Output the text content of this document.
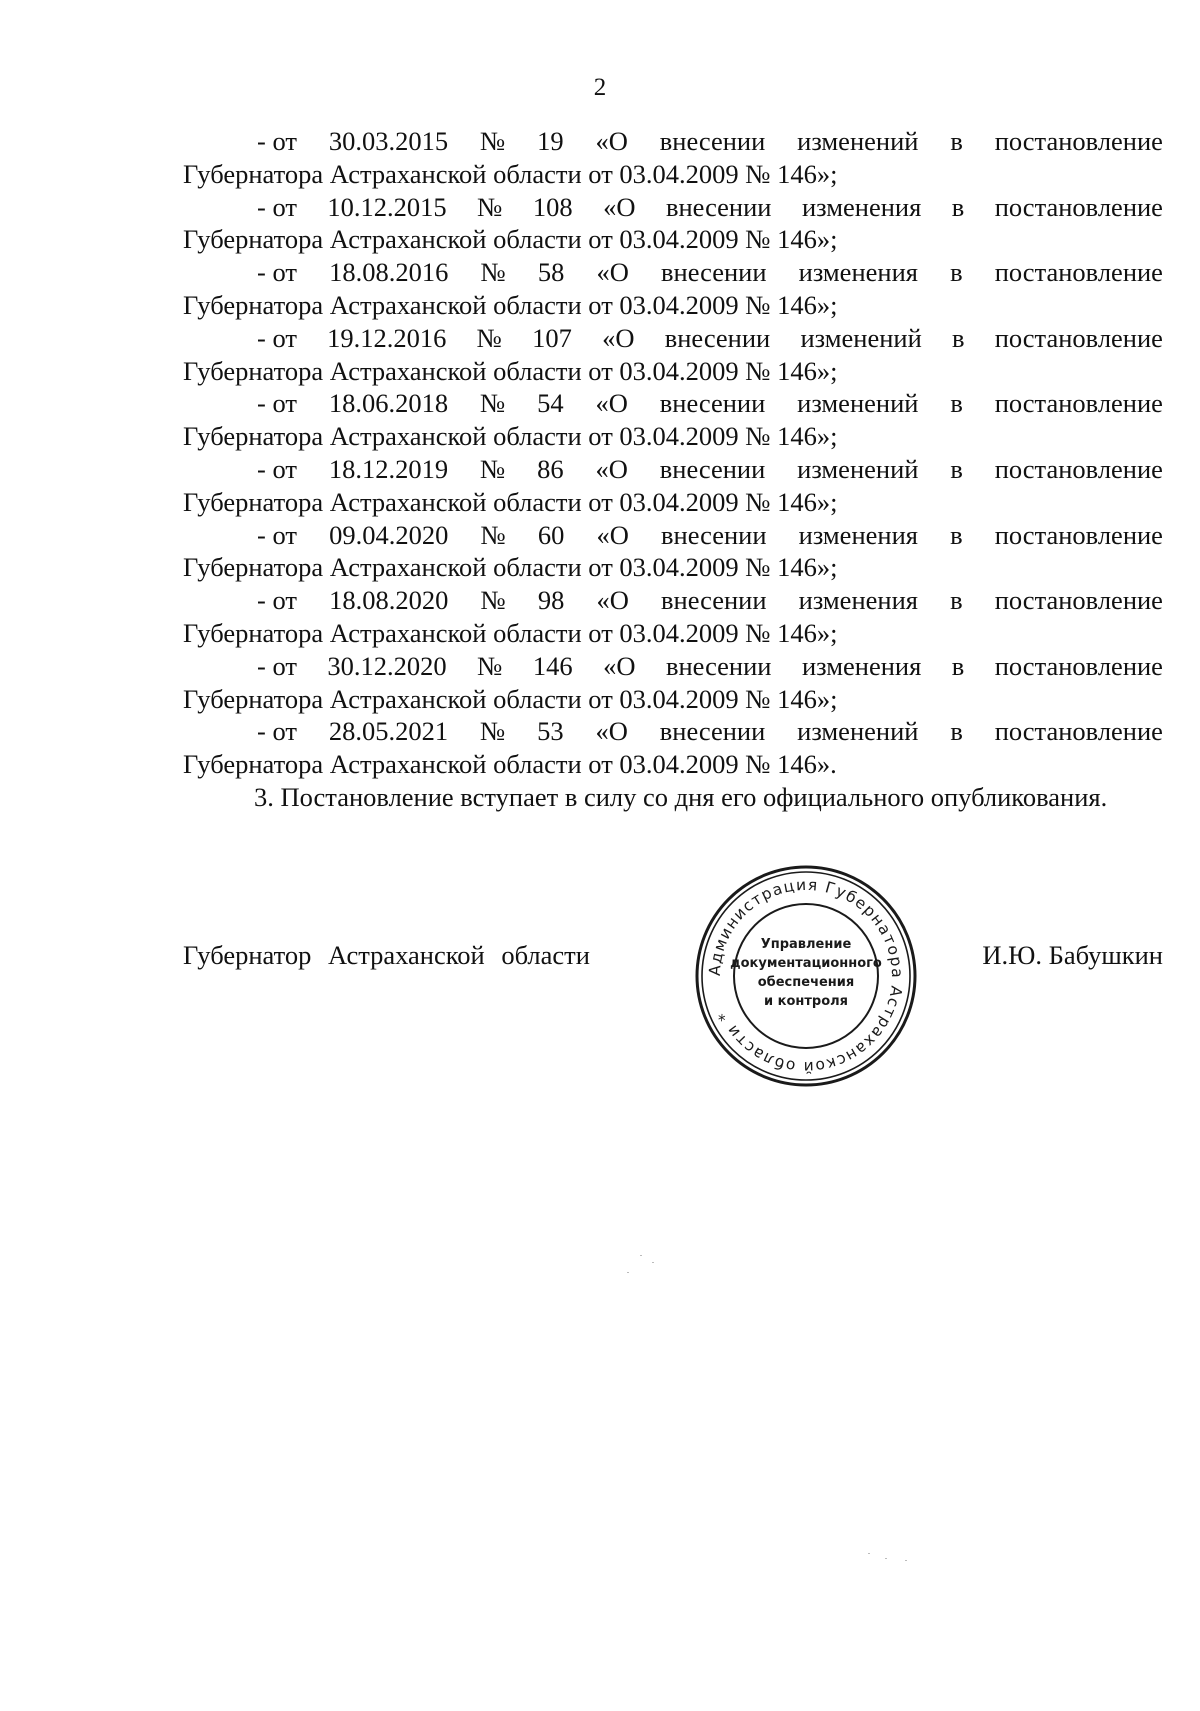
2
- от 30.03.2015 № 19 «О внесении изменений в постановление
Губернатора Астраханской области от 03.04.2009 № 146»;
- от 10.12.2015 № 108 «О внесении изменения в постановление
Губернатора Астраханской области от 03.04.2009 № 146»;
- от 18.08.2016 № 58 «О внесении изменения в постановление
Губернатора Астраханской области от 03.04.2009 № 146»;
- от 19.12.2016 № 107 «О внесении изменений в постановление
Губернатора Астраханской области от 03.04.2009 № 146»;
- от 18.06.2018 № 54 «О внесении изменений в постановление
Губернатора Астраханской области от 03.04.2009 № 146»;
- от 18.12.2019 № 86 «О внесении изменений в постановление
Губернатора Астраханской области от 03.04.2009 № 146»;
- от 09.04.2020 № 60 «О внесении изменения в постановление
Губернатора Астраханской области от 03.04.2009 № 146»;
- от 18.08.2020 № 98 «О внесении изменения в постановление
Губернатора Астраханской области от 03.04.2009 № 146»;
- от 30.12.2020 № 146 «О внесении изменения в постановление
Губернатора Астраханской области от 03.04.2009 № 146»;
- от 28.05.2021 № 53 «О внесении изменений в постановление
Губернатора Астраханской области от 03.04.2009 № 146».
3. Постановление вступает в силу со дня его официального опубликования.
Губернатор Астраханской области	И.Ю. Бабушкин
Администрация Губернатора Астраханской области *
Управление документационного обеспечения и контроля
